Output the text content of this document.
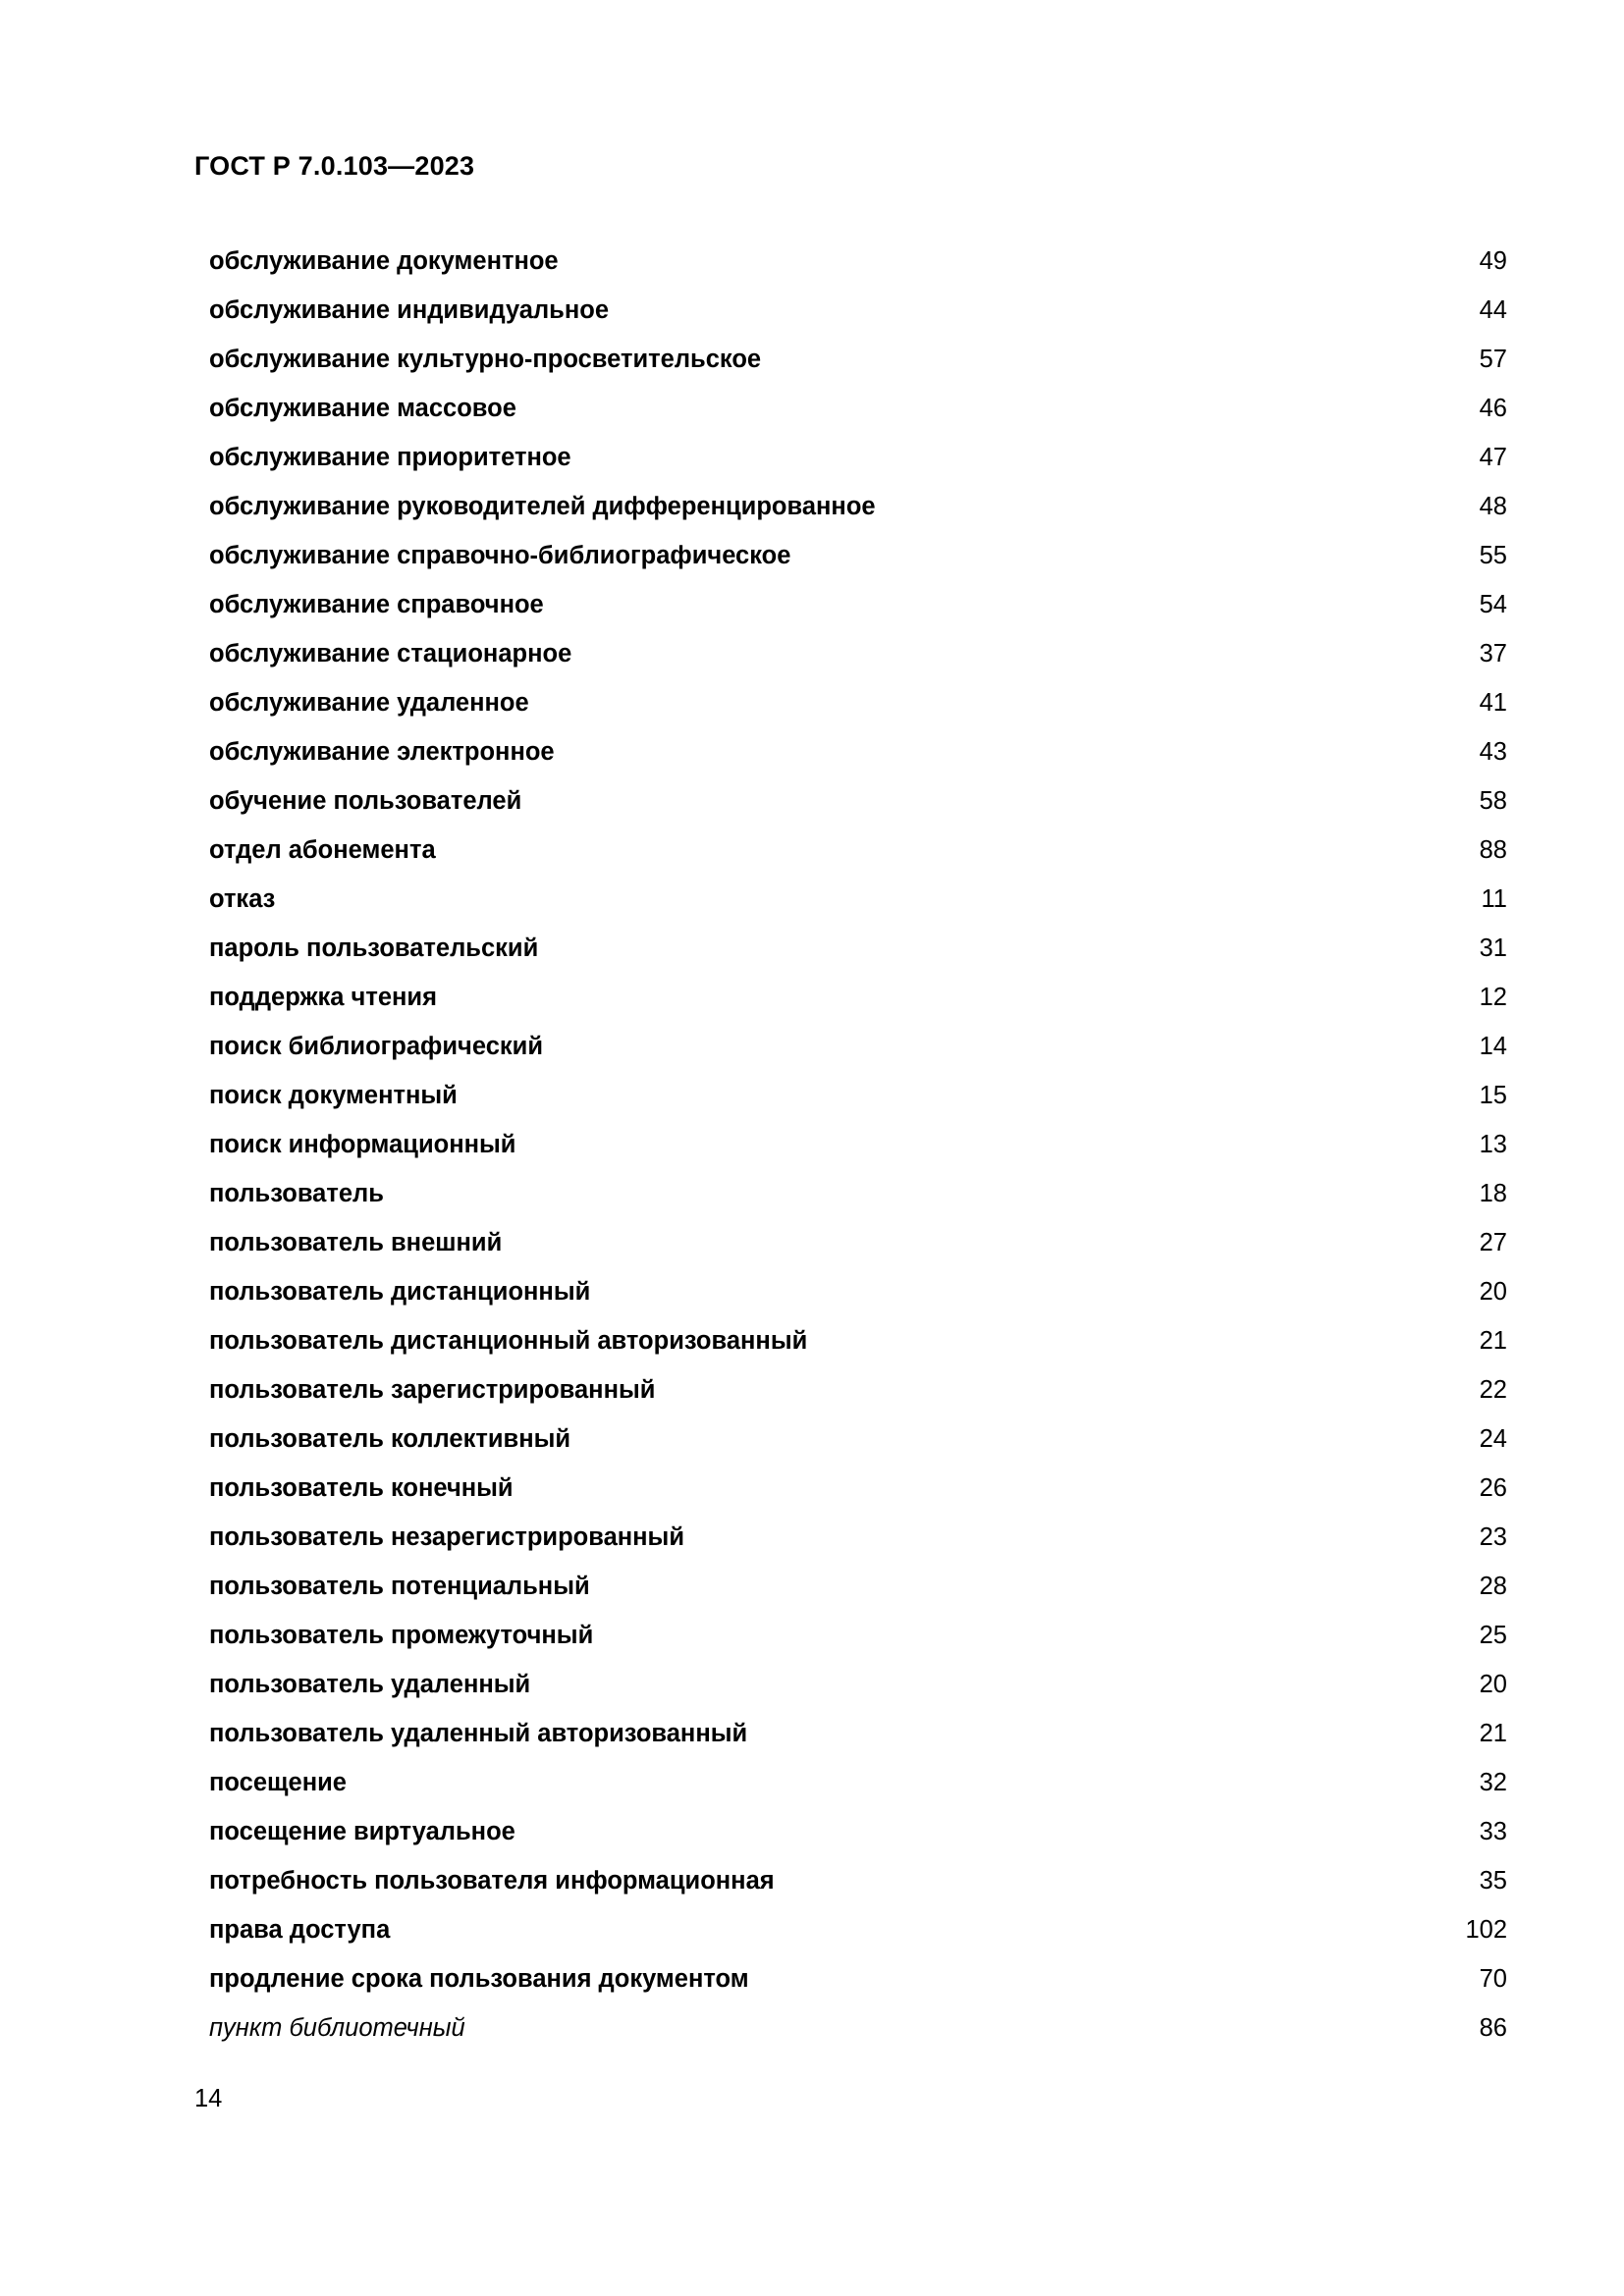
ГОСТ Р 7.0.103—2023
обслуживание документное	49
обслуживание индивидуальное	44
обслуживание культурно-просветительское	57
обслуживание массовое	46
обслуживание приоритетное	47
обслуживание руководителей дифференцированное	48
обслуживание справочно-библиографическое	55
обслуживание справочное	54
обслуживание стационарное	37
обслуживание удаленное	41
обслуживание электронное	43
обучение пользователей	58
отдел абонемента	88
отказ	11
пароль пользовательский	31
поддержка чтения	12
поиск библиографический	14
поиск документный	15
поиск информационный	13
пользователь	18
пользователь внешний	27
пользователь дистанционный	20
пользователь дистанционный авторизованный	21
пользователь зарегистрированный	22
пользователь коллективный	24
пользователь конечный	26
пользователь незарегистрированный	23
пользователь потенциальный	28
пользователь промежуточный	25
пользователь удаленный	20
пользователь удаленный авторизованный	21
посещение	32
посещение виртуальное	33
потребность пользователя информационная	35
права доступа	102
продление срока пользования документом	70
пункт библиотечный	86
14
